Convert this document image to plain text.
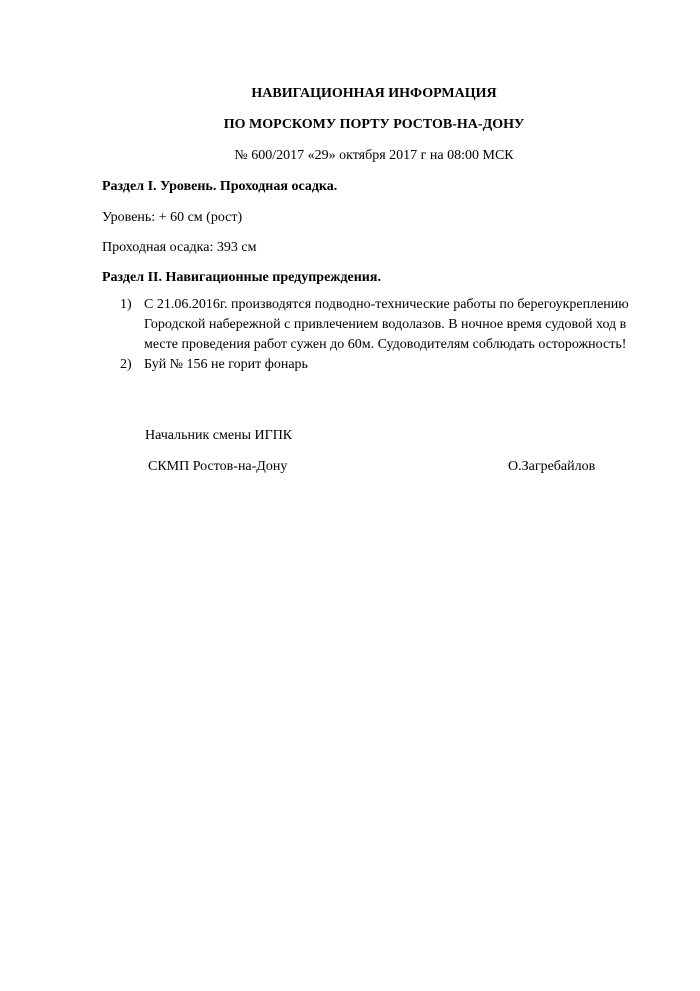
НАВИГАЦИОННАЯ ИНФОРМАЦИЯ
ПО МОРСКОМУ ПОРТУ РОСТОВ-НА-ДОНУ
№ 600/2017 «29» октября 2017 г на 08:00 МСК
Раздел I. Уровень. Проходная осадка.
Уровень: + 60 см (рост)
Проходная осадка: 393 см
Раздел II. Навигационные предупреждения.
1) С 21.06.2016г. производятся подводно-технические работы по берегоукреплению
Городской набережной с привлечением водолазов. В ночное время судовой ход в
месте проведения работ сужен до 60м. Судоводителям соблюдать осторожность!
2) Буй № 156 не горит фонарь
Начальник смены ИГПК
СКМП Ростов-на-Дону	О.Загребайлов
